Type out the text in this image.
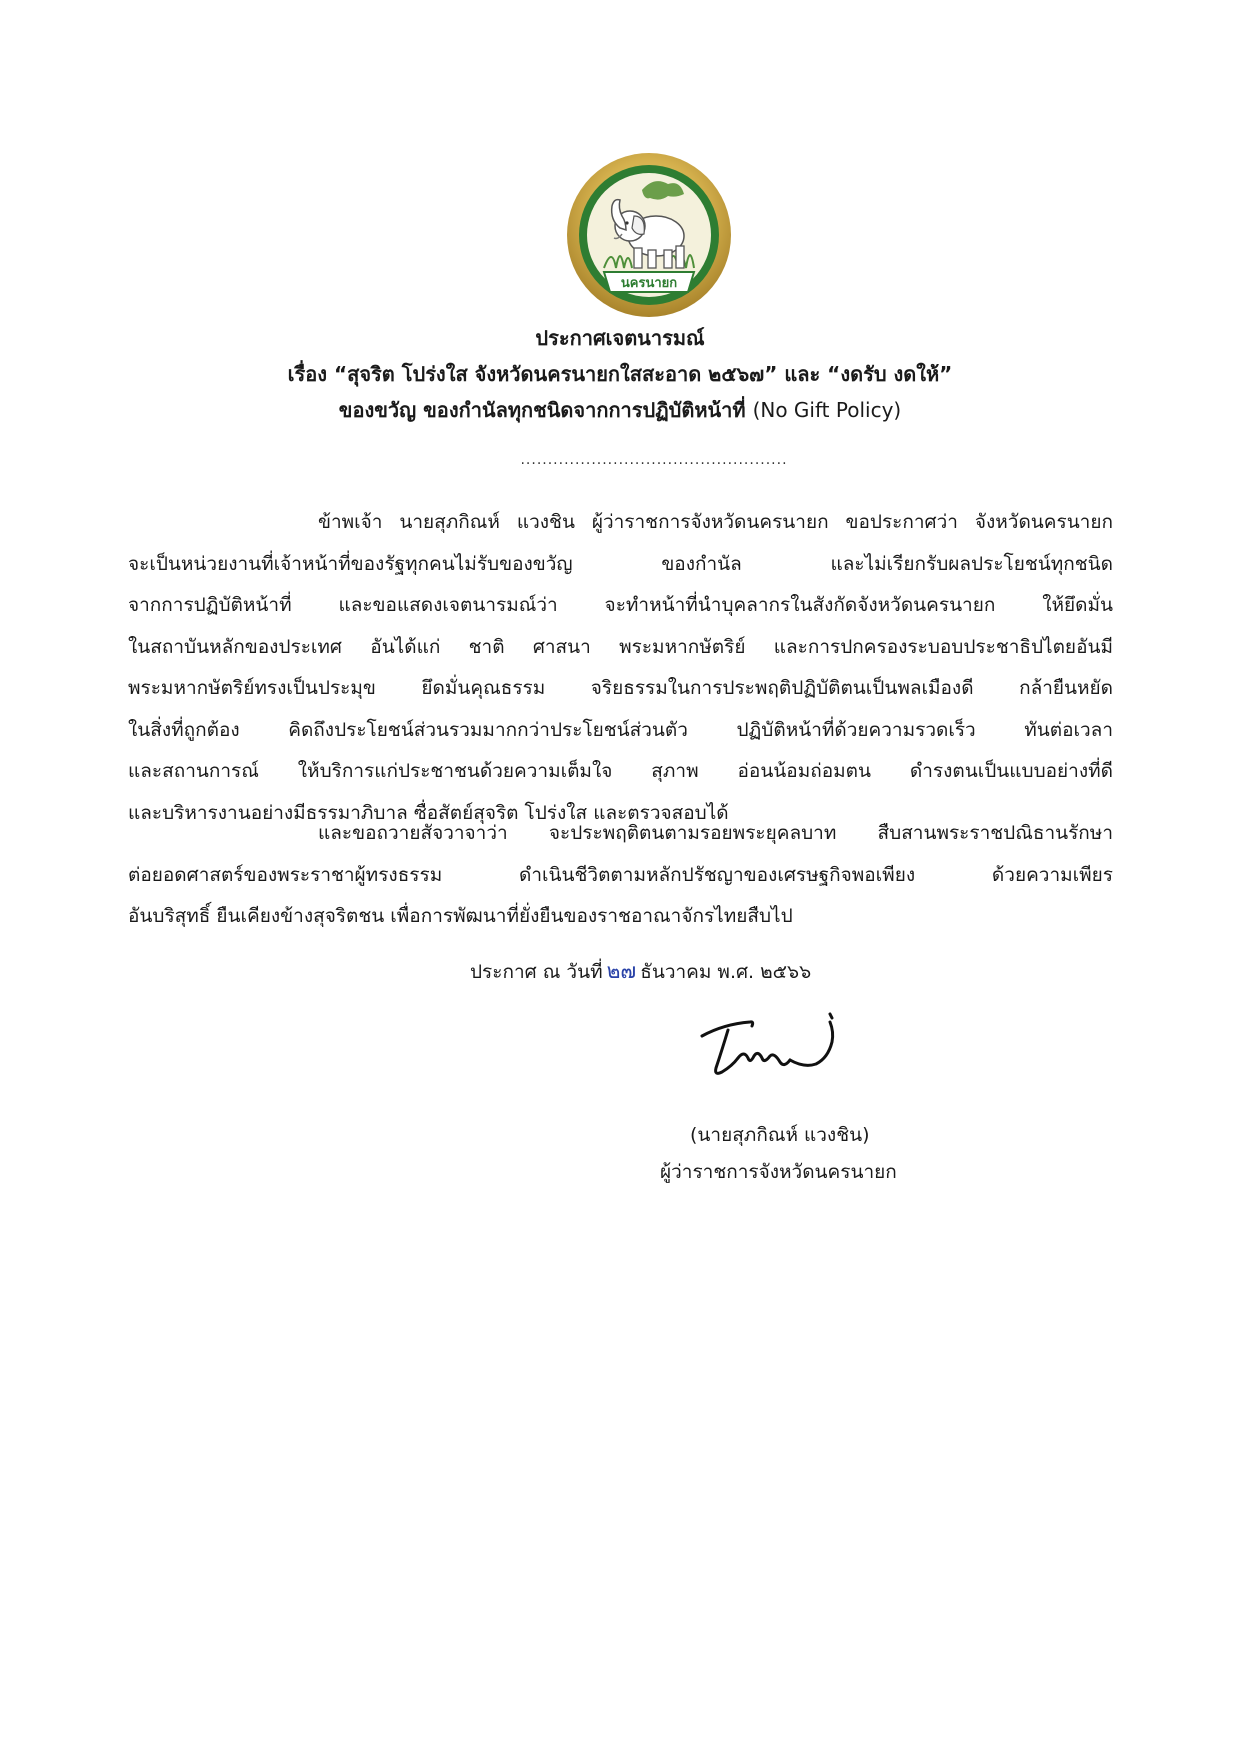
นครนายก
ประกาศเจตนารมณ์
เรื่อง “สุจริต โปร่งใส จังหวัดนครนายกใสสะอาด ๒๕๖๗” และ “งดรับ งดให้”
ของขวัญ ของกำนัลทุกชนิดจากการปฏิบัติหน้าที่ (No Gift Policy)
.................................................
ข้าพเจ้า นายสุภกิณห์ แวงชิน ผู้ว่าราชการจังหวัดนครนายก ขอประกาศว่า จังหวัดนครนายก
จะเป็นหน่วยงานที่เจ้าหน้าที่ของรัฐทุกคนไม่รับของขวัญ ของกำนัล และไม่เรียกรับผลประโยชน์ทุกชนิด
จากการปฏิบัติหน้าที่ และขอแสดงเจตนารมณ์ว่า จะทำหน้าที่นำบุคลากรในสังกัดจังหวัดนครนายก ให้ยึดมั่น
ในสถาบันหลักของประเทศ อันได้แก่ ชาติ ศาสนา พระมหากษัตริย์ และการปกครองระบอบประชาธิปไตยอันมี
พระมหากษัตริย์ทรงเป็นประมุข ยึดมั่นคุณธรรม จริยธรรมในการประพฤติปฏิบัติตนเป็นพลเมืองดี กล้ายืนหยัด
ในสิ่งที่ถูกต้อง คิดถึงประโยชน์ส่วนรวมมากกว่าประโยชน์ส่วนตัว ปฏิบัติหน้าที่ด้วยความรวดเร็ว ทันต่อเวลา
และสถานการณ์ ให้บริการแก่ประชาชนด้วยความเต็มใจ สุภาพ อ่อนน้อมถ่อมตน ดำรงตนเป็นแบบอย่างที่ดี
และบริหารงานอย่างมีธรรมาภิบาล ซื่อสัตย์สุจริต โปร่งใส และตรวจสอบได้
และขอถวายสัจวาจาว่า จะประพฤติตนตามรอยพระยุคลบาท สืบสานพระราชปณิธานรักษา
ต่อยอดศาสตร์ของพระราชาผู้ทรงธรรม ดำเนินชีวิตตามหลักปรัชญาของเศรษฐกิจพอเพียง ด้วยความเพียร
อันบริสุทธิ์ ยืนเคียงข้างสุจริตชน เพื่อการพัฒนาที่ยั่งยืนของราชอาณาจักรไทยสืบไป
ประกาศ ณ วันที่ ๒๗ ธันวาคม พ.ศ. ๒๕๖๖
(นายสุภกิณห์ แวงชิน)
ผู้ว่าราชการจังหวัดนครนายก
